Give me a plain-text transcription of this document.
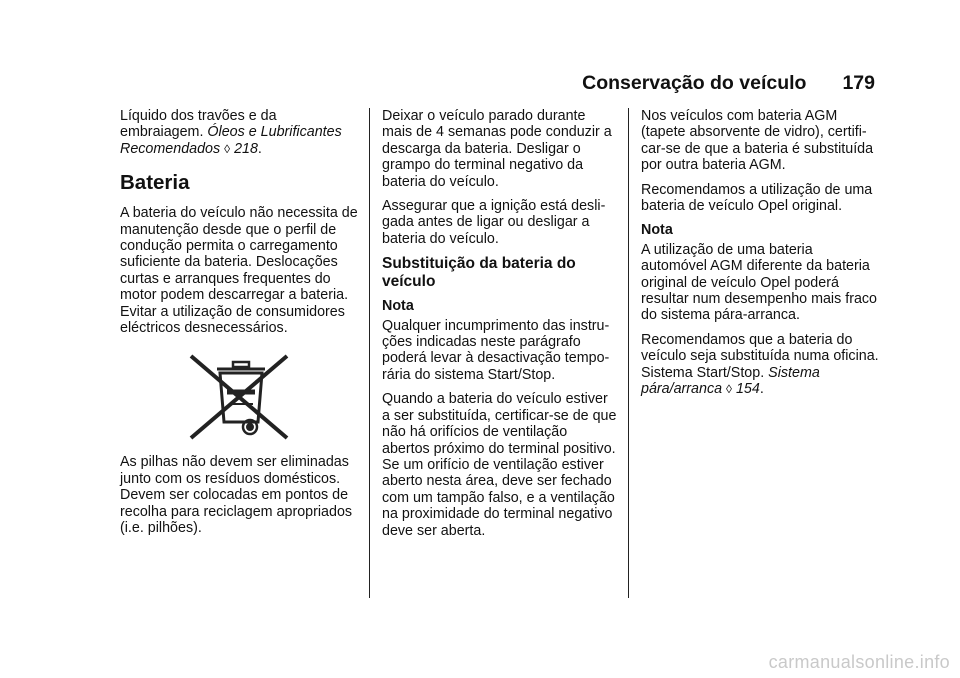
Conservação do veículo 179

Líquido dos travões e da embraiagem. Óleos e Lubrificantes Recomendados ◊ 218.

Bateria

A bateria do veículo não necessita de manutenção desde que o perfil de condução permita o carregamento suficiente da bateria. Deslocações curtas e arranques frequentes do motor podem descarregar a bateria. Evitar a utilização de consumidores eléctricos desnecessários.

As pilhas não devem ser eliminadas junto com os resíduos domésticos. Devem ser colocadas em pontos de recolha para reciclagem apropriados (i.e. pilhões).

Deixar o veículo parado durante mais de 4 semanas pode conduzir a descarga da bateria. Desligar o grampo do terminal negativo da bateria do veículo.

Assegurar que a ignição está desligada antes de ligar ou desligar a bateria do veículo.

Substituição da bateria do veículo
Nota

Qualquer incumprimento das instruções indicadas neste parágrafo poderá levar à desactivação temporária do sistema Start/Stop.

Quando a bateria do veículo estiver a ser substituída, certificar-se de que não há orifícios de ventilação abertos próximo do terminal positivo. Se um orifício de ventilação estiver aberto nesta área, deve ser fechado com um tampão falso, e a ventilação na proximidade do terminal negativo deve ser aberta.

Nos veículos com bateria AGM (tapete absorvente de vidro), certificar-se de que a bateria é substituída por outra bateria AGM.

Recomendamos a utilização de uma bateria de veículo Opel original.

Nota

A utilização de uma bateria automóvel AGM diferente da bateria original de veículo Opel poderá resultar num desempenho mais fraco do sistema pára-arranca.

Recomendamos que a bateria do veículo seja substituída numa oficina. Sistema Start/Stop. Sistema pára/arranca ◊ 154.

carmanualsonline.info
